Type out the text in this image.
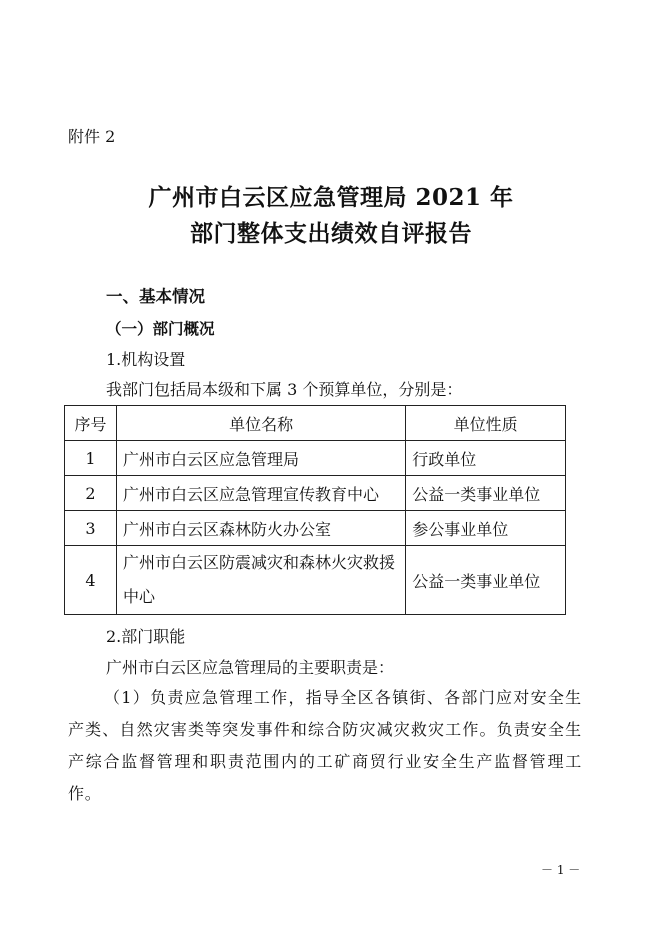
附件 2
广州市白云区应急管理局 2021 年
部门整体支出绩效自评报告
一、基本情况
（一）部门概况
1.机构设置
我部门包括局本级和下属 3 个预算单位，分别是：
序号	单位名称	单位性质
1	广州市白云区应急管理局	行政单位
2	广州市白云区应急管理宣传教育中心	公益一类事业单位
3	广州市白云区森林防火办公室	参公事业单位
4	广州市白云区防震减灾和森林火灾救援中心	公益一类事业单位
2.部门职能
广州市白云区应急管理局的主要职责是：
（1）负责应急管理工作，指导全区各镇街、各部门应对安全生产类、自然灾害类等突发事件和综合防灾减灾救灾工作。负责安全生产综合监督管理和职责范围内的工矿商贸行业安全生产监督管理工作。
－ 1 －
